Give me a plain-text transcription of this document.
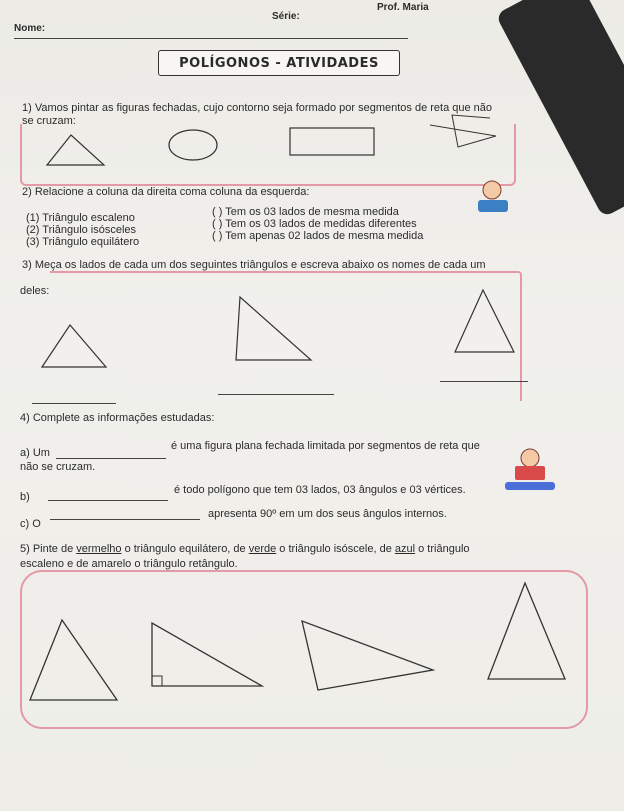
Prof. Maria
Série:
Nome:
POLÍGONOS - ATIVIDADES
1) Vamos pintar as figuras fechadas, cujo contorno seja formado por segmentos de reta que não
se cruzam:
2) Relacione a coluna da direita coma coluna da esquerda:
(1) Triângulo escaleno
(2) Triângulo isósceles
(3) Triângulo equilátero
( ) Tem os 03 lados de mesma medida
( ) Tem os 03 lados de medidas diferentes
( ) Tem apenas 02 lados de mesma medida
3) Meça os lados de cada um dos seguintes triângulos e escreva abaixo os nomes de cada um
deles:
4) Complete as informações estudadas:
a) Um
é uma figura plana fechada limitada por segmentos de reta que
não se cruzam.
b)
é todo polígono que tem 03 lados, 03 ângulos e 03 vértices.
c) O
apresenta 90º em um dos seus ângulos internos.
5) Pinte de vermelho o triângulo equilátero, de verde o triângulo isóscele, de azul o triângulo
escaleno e de amarelo o triângulo retângulo.
